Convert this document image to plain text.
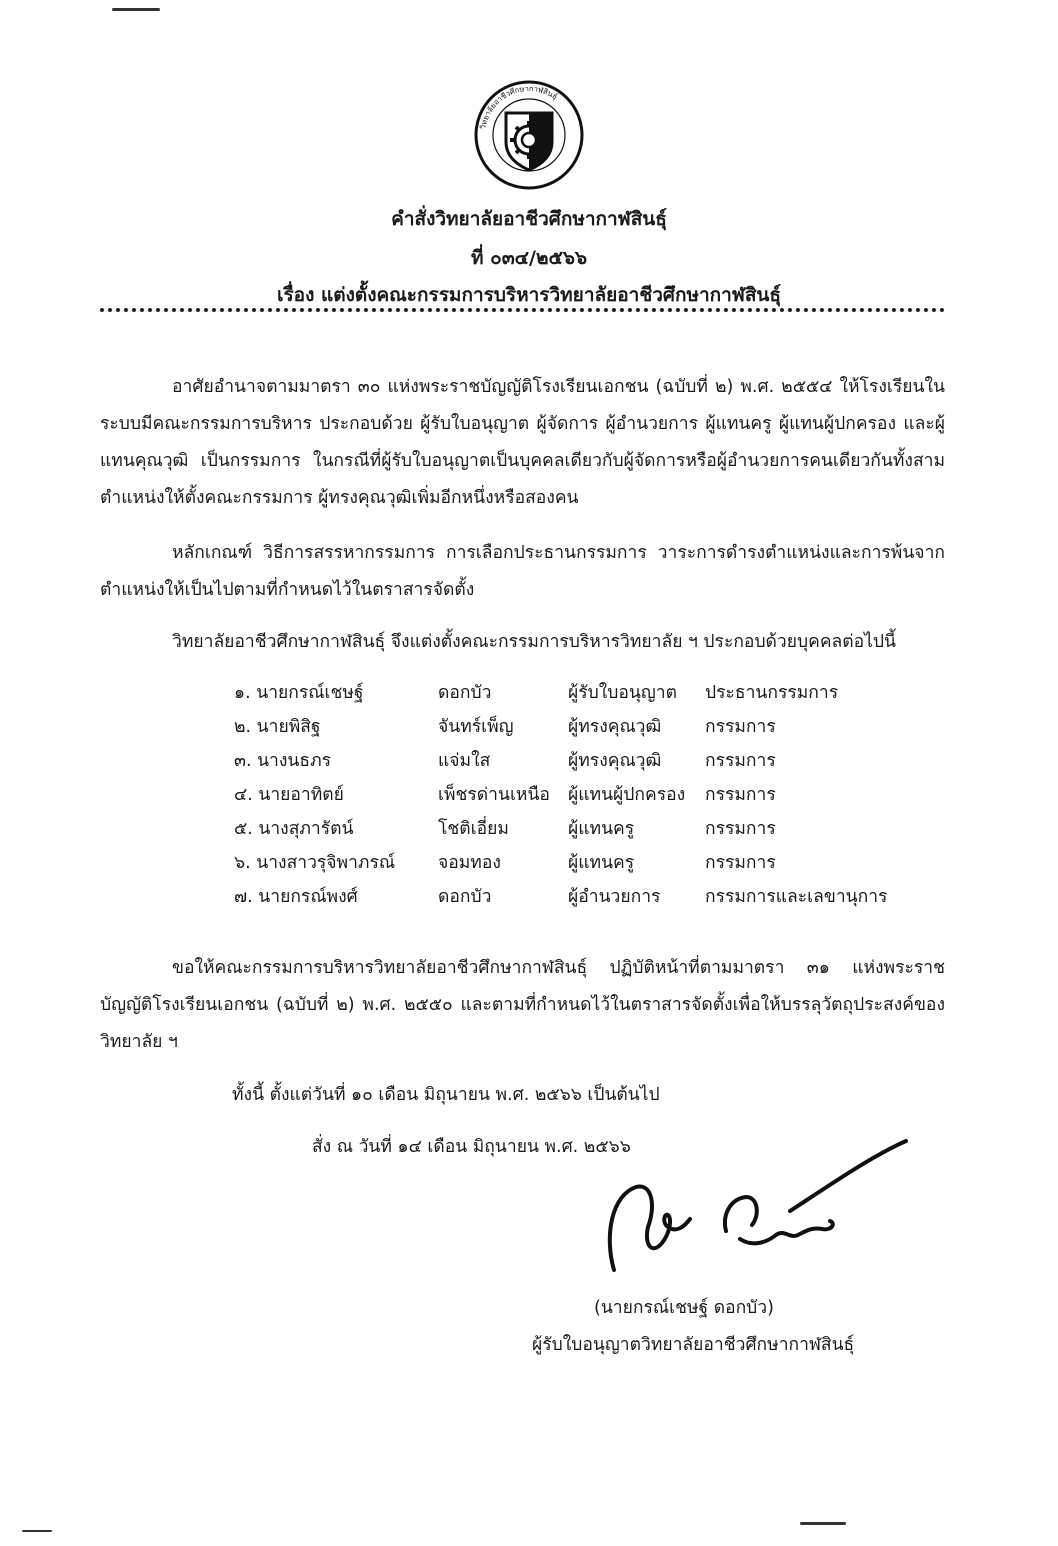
วิทยาลัยอาชีวศึกษากาฬสินธุ์
คำสั่งวิทยาลัยอาชีวศึกษากาฬสินธุ์
ที่ ๐๓๔/๒๕๖๖
เรื่อง แต่งตั้งคณะกรรมการบริหารวิทยาลัยอาชีวศึกษากาฬสินธุ์
อาศัยอำนาจตามมาตรา ๓๐ แห่งพระราชบัญญัติโรงเรียนเอกชน (ฉบับที่ ๒) พ.ศ. ๒๕๕๔ ให้โรงเรียนในระบบมีคณะกรรมการบริหาร ประกอบด้วย ผู้รับใบอนุญาต ผู้จัดการ ผู้อำนวยการ ผู้แทนครู ผู้แทนผู้ปกครอง และผู้แทนคุณวุฒิ เป็นกรรมการ ในกรณีที่ผู้รับใบอนุญาตเป็นบุคคลเดียวกับผู้จัดการหรือผู้อำนวยการคนเดียวกันทั้งสามตำแหน่งให้ตั้งคณะกรรมการ ผู้ทรงคุณวุฒิเพิ่มอีกหนึ่งหรือสองคน
หลักเกณฑ์ วิธีการสรรหากรรมการ การเลือกประธานกรรมการ วาระการดำรงตำแหน่งและการพ้นจากตำแหน่งให้เป็นไปตามที่กำหนดไว้ในตราสารจัดตั้ง
วิทยาลัยอาชีวศึกษากาฬสินธุ์ จึงแต่งตั้งคณะกรรมการบริหารวิทยาลัย ฯ ประกอบด้วยบุคคลต่อไปนี้
๑. นายกรณ์เชษฐ์	ดอกบัว	ผู้รับใบอนุญาต ประธานกรรมการ
๒. นายพิสิฐ	จันทร์เพ็ญ	ผู้ทรงคุณวุฒิ กรรมการ
๓. นางนธภร	แจ่มใส	ผู้ทรงคุณวุฒิ กรรมการ
๔. นายอาทิตย์	เพ็ชรด่านเหนือ ผู้แทนผู้ปกครอง กรรมการ
๕. นางสุภารัตน์	โชติเอี่ยม	ผู้แทนครู	กรรมการ
๖. นางสาวรุจิพาภรณ์ จอมทอง	ผู้แทนครู	กรรมการ
๗. นายกรณ์พงศ์	ดอกบัว	ผู้อำนวยการ	กรรมการและเลขานุการ
ขอให้คณะกรรมการบริหารวิทยาลัยอาชีวศึกษากาฬสินธุ์ ปฏิบัติหน้าที่ตามมาตรา ๓๑ แห่งพระราชบัญญัติโรงเรียนเอกชน (ฉบับที่ ๒) พ.ศ. ๒๕๕๐ และตามที่กำหนดไว้ในตราสารจัดตั้งเพื่อให้บรรลุวัตถุประสงค์ของวิทยาลัย ฯ
ทั้งนี้ ตั้งแต่วันที่ ๑๐ เดือน มิถุนายน พ.ศ. ๒๕๖๖ เป็นต้นไป
สั่ง ณ วันที่ ๑๔ เดือน มิถุนายน พ.ศ. ๒๕๖๖
(นายกรณ์เชษฐ์ ดอกบัว)
ผู้รับใบอนุญาตวิทยาลัยอาชีวศึกษากาฬสินธุ์
